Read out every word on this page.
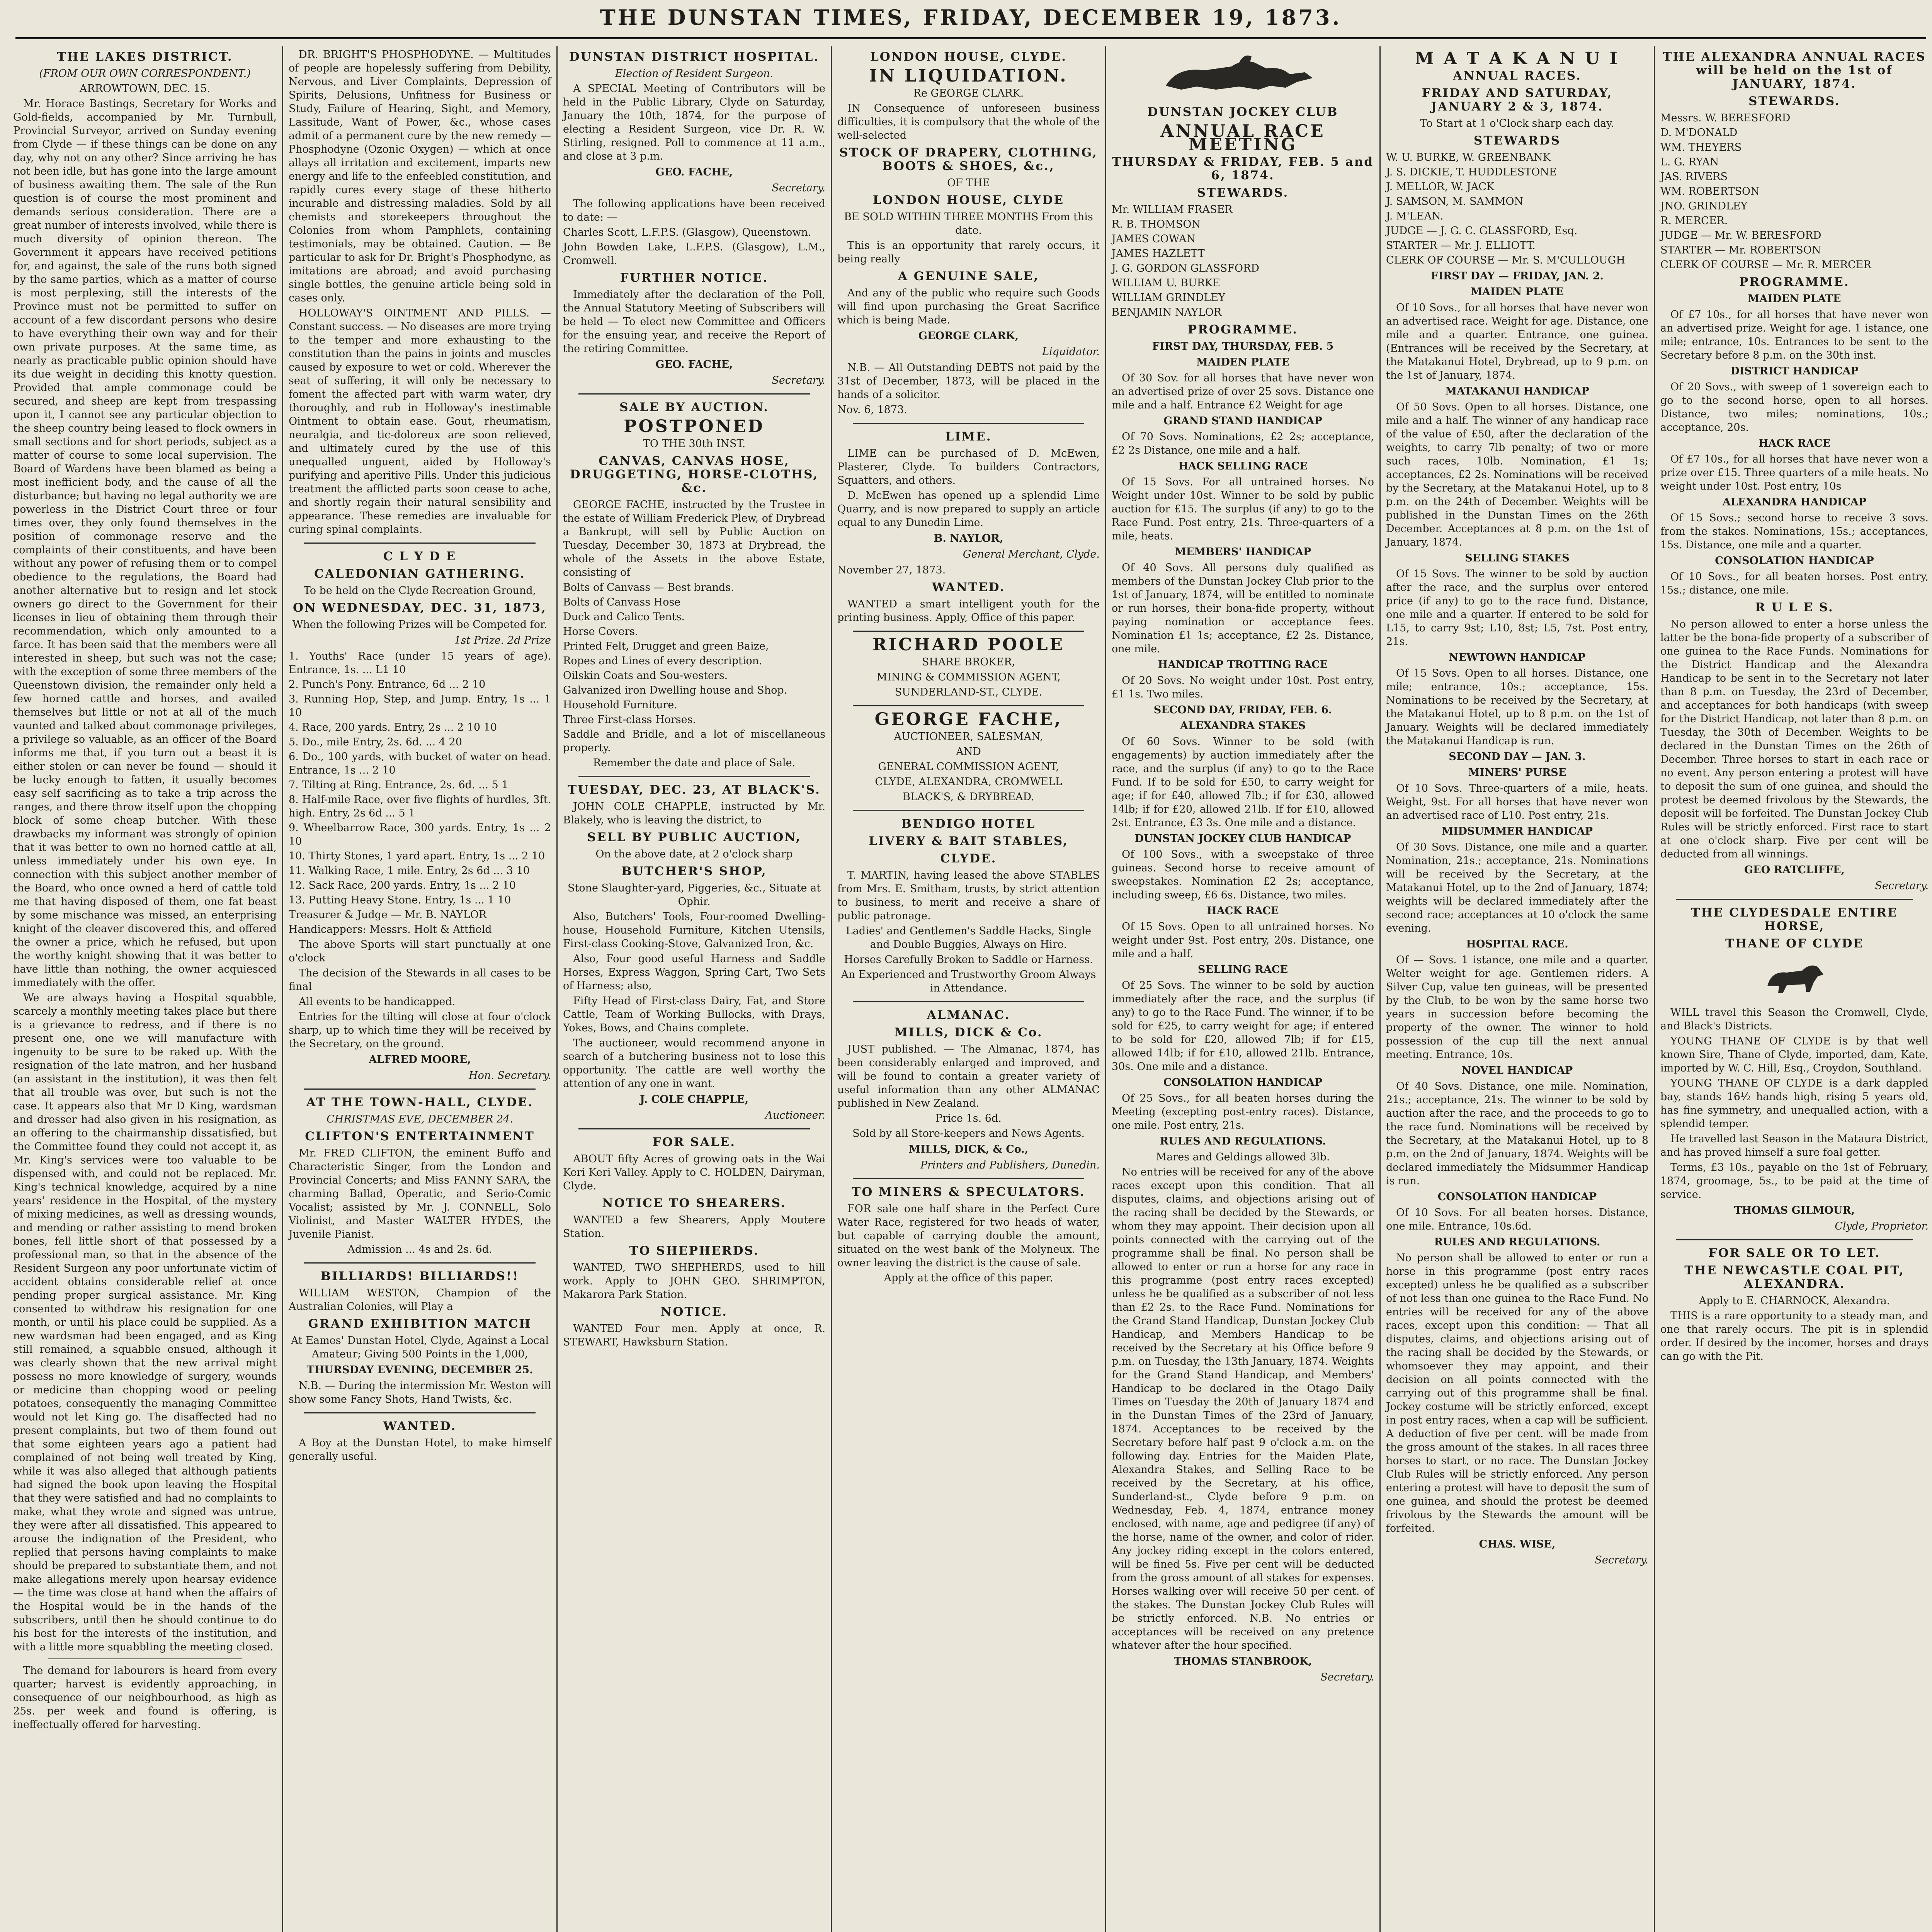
THE DUNSTAN TIMES, FRIDAY, DECEMBER 19, 1873.
THE LAKES DISTRICT.
(FROM OUR OWN CORRESPONDENT.)
ARROWTOWN, DEC. 15.

Mr. Horace Bastings, Secretary for Works and Gold-fields, accompanied by Mr. Turnbull, Provincial Surveyor, arrived on Sunday evening from Clyde — if these things can be done on any day, why not on any other? Since arriving he has not been idle, but has gone into the large amount of business awaiting them. The sale of the Run question is of course the most prominent and demands serious consideration. There are a great number of interests involved, while there is much diversity of opinion thereon. The Government it appears have received petitions for, and against, the sale of the runs both signed by the same parties, which as a matter of course is most perplexing, still the interests of the Province must not be permitted to suffer on account of a few discordant persons who desire to have everything their own way and for their own private purposes. At the same time, as nearly as practicable public opinion should have its due weight in deciding this knotty question. Provided that ample commonage could be secured, and sheep are kept from trespassing upon it, I cannot see any particular objection to the sheep country being leased to flock owners in small sections and for short periods, subject as a matter of course to some local supervision. The Board of Wardens have been blamed as being a most inefficient body, and the cause of all the disturbance; but having no legal authority we are powerless in the District Court three or four times over, they only found themselves in the position of commonage reserve and the complaints of their constituents, and have been without any power of refusing them or to compel obedience to the regulations, the Board had another alternative but to resign and let stock owners go direct to the Government for their licenses in lieu of obtaining them through their recommendation, which only amounted to a farce. It has been said that the members were all interested in sheep, but such was not the case; with the exception of some three members of the Queenstown division, the remainder only held a few horned cattle and horses, and availed themselves but little or not at all of the much vaunted and talked about commonage privileges, a privilege so valuable, as an officer of the Board informs me that, if you turn out a beast it is either stolen or can never be found — should it be lucky enough to fatten, it usually becomes easy self sacrificing as to take a trip across the ranges, and there throw itself upon the chopping block of some cheap butcher. With these drawbacks my informant was strongly of opinion that it was better to own no horned cattle at all, unless immediately under his own eye. In connection with this subject another member of the Board, who once owned a herd of cattle told me that having disposed of them, one fat beast by some mischance was missed, an enterprising knight of the cleaver discovered this, and offered the owner a price, which he refused, but upon the worthy knight showing that it was better to have little than nothing, the owner acquiesced immediately with the offer.

We are always having a Hospital squabble, scarcely a monthly meeting takes place but there is a grievance to redress, and if there is no present one, one we will manufacture with ingenuity to be sure to be raked up. With the resignation of the late matron, and her husband (an assistant in the institution), it was then felt that all trouble was over, but such is not the case. It appears also that Mr D King, wardsman and dresser had also given in his resignation, as an offering to the chairmanship dissatisfied, but the Committee found they could not accept it, as Mr. King's services were too valuable to be dispensed with, and could not be replaced. Mr. King's technical knowledge, acquired by a nine years' residence in the Hospital, of the mystery of mixing medicines, as well as dressing wounds, and mending or rather assisting to mend broken bones, fell little short of that possessed by a professional man, so that in the absence of the Resident Surgeon any poor unfortunate victim of accident obtains considerable relief at once pending proper surgical assistance. Mr. King consented to withdraw his resignation for one month, or until his place could be supplied. As a new wardsman had been engaged, and as King still remained, a squabble ensued, although it was clearly shown that the new arrival might possess no more knowledge of surgery, wounds or medicine than chopping wood or peeling potatoes, consequently the managing Committee would not let King go. The disaffected had no present complaints, but two of them found out that some eighteen years ago a patient had complained of not being well treated by King, while it was also alleged that although patients had signed the book upon leaving the Hospital that they were satisfied and had no complaints to make, what they wrote and signed was untrue, they were after all dissatisfied. This appeared to arouse the indignation of the President, who replied that persons having complaints to make should be prepared to substantiate them, and not make allegations merely upon hearsay evidence — the time was close at hand when the affairs of the Hospital would be in the hands of the subscribers, until then he should continue to do his best for the interests of the institution, and with a little more squabbling the meeting closed.

The demand for labourers is heard from every quarter; harvest is evidently approaching, in consequence of our neighbourhood, as high as 25s. per week and found is offering, is ineffectually offered for harvesting.

DR. BRIGHT'S PHOSPHODYNE. — Multitudes of people are hopelessly suffering from Debility, Nervous, and Liver Complaints, Depression of Spirits, Delusions, Unfitness for Business or Study, Failure of Hearing, Sight, and Memory, Lassitude, Want of Power, &c., whose cases admit of a permanent cure by the new remedy — Phosphodyne (Ozonic Oxygen) — which at once allays all irritation and excitement, imparts new energy and life to the enfeebled constitution, and rapidly cures every stage of these hitherto incurable and distressing maladies. Sold by all chemists and storekeepers throughout the Colonies from whom Pamphlets, containing testimonials, may be obtained. Caution. — Be particular to ask for Dr. Bright's Phosphodyne, as imitations are abroad; and avoid purchasing single bottles, the genuine article being sold in cases only.

HOLLOWAY'S OINTMENT AND PILLS. — Constant success. — No diseases are more trying to the temper and more exhausting to the constitution than the pains in joints and muscles caused by exposure to wet or cold. Wherever the seat of suffering, it will only be necessary to foment the affected part with warm water, dry thoroughly, and rub in Holloway's inestimable Ointment to obtain ease. Gout, rheumatism, neuralgia, and tic-doloreux are soon relieved, and ultimately cured by the use of this unequalled unguent, aided by Holloway's purifying and aperitive Pills. Under this judicious treatment the afflicted parts soon cease to ache, and shortly regain their natural sensibility and appearance. These remedies are invaluable for curing spinal complaints.

C L Y D E
CALEDONIAN GATHERING.
To be held on the Clyde Recreation Ground,
ON WEDNESDAY, DEC. 31, 1873,
When the following Prizes will be Competed for.
1st Prize. 2d Prize
1. Youths' Race (under 15 years of age). Entrance, 1s. ... L1 10
2. Punch's Pony. Entrance, 6d ... 2 10
3. Running Hop, Step, and Jump. Entry, 1s ... 1 10
4. Race, 200 yards. Entry, 2s ... 2 10 10
5. Do., mile Entry, 2s. 6d. ... 4 20
6. Do., 100 yards, with bucket of water on head. Entrance, 1s ... 2 10
7. Tilting at Ring. Entrance, 2s. 6d. ... 5 1
8. Half-mile Race, over five flights of hurdles, 3ft. high. Entry, 2s 6d ... 5 1
9. Wheelbarrow Race, 300 yards. Entry, 1s ... 2 10
10. Thirty Stones, 1 yard apart. Entry, 1s ... 2 10
11. Walking Race, 1 mile. Entry, 2s 6d ... 3 10
12. Sack Race, 200 yards. Entry, 1s ... 2 10
13. Putting Heavy Stone. Entry, 1s ... 1 10
Treasurer & Judge — Mr. B. NAYLOR
Handicappers: Messrs. Holt & Attfield

The above Sports will start punctually at one o'clock

The decision of the Stewards in all cases to be final

All events to be handicapped.

Entries for the tilting will close at four o'clock sharp, up to which time they will be received by the Secretary, on the ground.

ALFRED MOORE,
Hon. Secretary.
AT THE TOWN-HALL, CLYDE.
CHRISTMAS EVE, DECEMBER 24.
CLIFTON'S ENTERTAINMENT

Mr. FRED CLIFTON, the eminent Buffo and Characteristic Singer, from the London and Provincial Concerts; and Miss FANNY SARA, the charming Ballad, Operatic, and Serio-Comic Vocalist; assisted by Mr. J. CONNELL, Solo Violinist, and Master WALTER HYDES, the Juvenile Pianist.

Admission ... 4s and 2s. 6d.
BILLIARDS! BILLIARDS!!

WILLIAM WESTON, Champion of the Australian Colonies, will Play a

GRAND EXHIBITION MATCH
At Eames' Dunstan Hotel, Clyde, Against a Local Amateur; Giving 500 Points in the 1,000,
THURSDAY EVENING, DECEMBER 25.

N.B. — During the intermission Mr. Weston will show some Fancy Shots, Hand Twists, &c.

WANTED.

A Boy at the Dunstan Hotel, to make himself generally useful.

DUNSTAN DISTRICT HOSPITAL.
Election of Resident Surgeon.

A SPECIAL Meeting of Contributors will be held in the Public Library, Clyde on Saturday, January the 10th, 1874, for the purpose of electing a Resident Surgeon, vice Dr. R. W. Stirling, resigned. Poll to commence at 11 a.m., and close at 3 p.m.

GEO. FACHE,
Secretary.

The following applications have been received to date: —

Charles Scott, L.F.P.S. (Glasgow), Queenstown.
John Bowden Lake, L.F.P.S. (Glasgow), L.M., Cromwell.
FURTHER NOTICE.

Immediately after the declaration of the Poll, the Annual Statutory Meeting of Subscribers will be held — To elect new Committee and Officers for the ensuing year, and receive the Report of the retiring Committee.

GEO. FACHE,
Secretary.
SALE BY AUCTION.
POSTPONED
TO THE 30th INST.
CANVAS, CANVAS HOSE, DRUGGETING, HORSE-CLOTHS, &c.

GEORGE FACHE, instructed by the Trustee in the estate of William Frederick Plew, of Drybread a Bankrupt, will sell by Public Auction on Tuesday, December 30, 1873 at Drybread, the whole of the Assets in the above Estate, consisting of

Bolts of Canvass — Best brands.
Bolts of Canvass Hose
Duck and Calico Tents.
Horse Covers.
Printed Felt, Drugget and green Baize,
Ropes and Lines of every description.
Oilskin Coats and Sou-westers.
Galvanized iron Dwelling house and Shop.
Household Furniture.
Three First-class Horses.
Saddle and Bridle, and a lot of miscellaneous property.
Remember the date and place of Sale.
TUESDAY, DEC. 23, AT BLACK'S.

JOHN COLE CHAPPLE, instructed by Mr. Blakely, who is leaving the district, to

SELL BY PUBLIC AUCTION,
On the above date, at 2 o'clock sharp
BUTCHER'S SHOP,
Stone Slaughter-yard, Piggeries, &c., Situate at Ophir.

Also, Butchers' Tools, Four-roomed Dwelling-house, Household Furniture, Kitchen Utensils, First-class Cooking-Stove, Galvanized Iron, &c.

Also, Four good useful Harness and Saddle Horses, Express Waggon, Spring Cart, Two Sets of Harness; also,

Fifty Head of First-class Dairy, Fat, and Store Cattle, Team of Working Bullocks, with Drays, Yokes, Bows, and Chains complete.

The auctioneer, would recommend anyone in search of a butchering business not to lose this opportunity. The cattle are well worthy the attention of any one in want.

J. COLE CHAPPLE,
Auctioneer.
FOR SALE.

ABOUT fifty Acres of growing oats in the Wai Keri Keri Valley. Apply to C. HOLDEN, Dairyman, Clyde.

NOTICE TO SHEARERS.

WANTED a few Shearers, Apply Moutere Station.

TO SHEPHERDS.

WANTED, TWO SHEPHERDS, used to hill work. Apply to JOHN GEO. SHRIMPTON, Makarora Park Station.

NOTICE.

WANTED Four men. Apply at once, R. STEWART, Hawksburn Station.

LONDON HOUSE, CLYDE.
IN LIQUIDATION.
Re GEORGE CLARK.

IN Consequence of unforeseen business difficulties, it is compulsory that the whole of the well-selected

STOCK OF DRAPERY, CLOTHING, BOOTS & SHOES, &c.,
OF THE
LONDON HOUSE, CLYDE
BE SOLD WITHIN THREE MONTHS From this date.

This is an opportunity that rarely occurs, it being really

A GENUINE SALE,

And any of the public who require such Goods will find upon purchasing the Great Sacrifice which is being Made.

GEORGE CLARK,
Liquidator.

N.B. — All Outstanding DEBTS not paid by the 31st of December, 1873, will be placed in the hands of a solicitor.

Nov. 6, 1873.
LIME.

LIME can be purchased of D. McEwen, Plasterer, Clyde. To builders Contractors, Squatters, and others.

D. McEwen has opened up a splendid Lime Quarry, and is now prepared to supply an article equal to any Dunedin Lime.

B. NAYLOR,
General Merchant, Clyde.
November 27, 1873.
WANTED.

WANTED a smart intelligent youth for the printing business. Apply, Office of this paper.

RICHARD POOLE
SHARE BROKER,
MINING & COMMISSION AGENT,
SUNDERLAND-ST., CLYDE.
GEORGE FACHE,
AUCTIONEER, SALESMAN,
AND
GENERAL COMMISSION AGENT,
CLYDE, ALEXANDRA, CROMWELL
BLACK'S, & DRYBREAD.
BENDIGO HOTEL
LIVERY & BAIT STABLES,
CLYDE.

T. MARTIN, having leased the above STABLES from Mrs. E. Smitham, trusts, by strict attention to business, to merit and receive a share of public patronage.

Ladies' and Gentlemen's Saddle Hacks, Single and Double Buggies, Always on Hire.
Horses Carefully Broken to Saddle or Harness.
An Experienced and Trustworthy Groom Always in Attendance.
ALMANAC.
MILLS, DICK & Co.

JUST published. — The Almanac, 1874, has been considerably enlarged and improved, and will be found to contain a greater variety of useful information than any other ALMANAC published in New Zealand.

Price 1s. 6d.
Sold by all Store-keepers and News Agents.
MILLS, DICK, & Co.,
Printers and Publishers, Dunedin.
TO MINERS & SPECULATORS.

FOR sale one half share in the Perfect Cure Water Race, registered for two heads of water, but capable of carrying double the amount, situated on the west bank of the Molyneux. The owner leaving the district is the cause of sale.

Apply at the office of this paper.
DUNSTAN JOCKEY CLUB
ANNUAL RACE MEETING
THURSDAY & FRIDAY, FEB. 5 and 6, 1874.
STEWARDS.
Mr. WILLIAM FRASER
R. B. THOMSON
JAMES COWAN
JAMES HAZLETT
J. G. GORDON GLASSFORD
WILLIAM U. BURKE
WILLIAM GRINDLEY
BENJAMIN NAYLOR
PROGRAMME.
FIRST DAY, THURSDAY, FEB. 5
MAIDEN PLATE

Of 30 Sov. for all horses that have never won an advertised prize of over 25 sovs. Distance one mile and a half. Entrance £2 Weight for age

GRAND STAND HANDICAP

Of 70 Sovs. Nominations, £2 2s; acceptance, £2 2s Distance, one mile and a half.

HACK SELLING RACE

Of 15 Sovs. For all untrained horses. No Weight under 10st. Winner to be sold by public auction for £15. The surplus (if any) to go to the Race Fund. Post entry, 21s. Three-quarters of a mile, heats.

MEMBERS' HANDICAP

Of 40 Sovs. All persons duly qualified as members of the Dunstan Jockey Club prior to the 1st of January, 1874, will be entitled to nominate or run horses, their bona-fide property, without paying nomination or acceptance fees. Nomination £1 1s; acceptance, £2 2s. Distance, one mile.

HANDICAP TROTTING RACE

Of 20 Sovs. No weight under 10st. Post entry, £1 1s. Two miles.

SECOND DAY, FRIDAY, FEB. 6.
ALEXANDRA STAKES

Of 60 Sovs. Winner to be sold (with engagements) by auction immediately after the race, and the surplus (if any) to go to the Race Fund. If to be sold for £50, to carry weight for age; if for £40, allowed 7lb.; if for £30, allowed 14lb; if for £20, allowed 21lb. If for £10, allowed 2st. Entrance, £3 3s. One mile and a distance.

DUNSTAN JOCKEY CLUB HANDICAP

Of 100 Sovs., with a sweepstake of three guineas. Second horse to receive amount of sweepstakes. Nomination £2 2s; acceptance, including sweep, £6 6s. Distance, two miles.

HACK RACE

Of 15 Sovs. Open to all untrained horses. No weight under 9st. Post entry, 20s. Distance, one mile and a half.

SELLING RACE

Of 25 Sovs. The winner to be sold by auction immediately after the race, and the surplus (if any) to go to the Race Fund. The winner, if to be sold for £25, to carry weight for age; if entered to be sold for £20, allowed 7lb; if for £15, allowed 14lb; if for £10, allowed 21lb. Entrance, 30s. One mile and a distance.

CONSOLATION HANDICAP

Of 25 Sovs., for all beaten horses during the Meeting (excepting post-entry races). Distance, one mile. Post entry, 21s.

RULES AND REGULATIONS.
Mares and Geldings allowed 3lb.

No entries will be received for any of the above races except upon this condition. That all disputes, claims, and objections arising out of the racing shall be decided by the Stewards, or whom they may appoint. Their decision upon all points connected with the carrying out of the programme shall be final. No person shall be allowed to enter or run a horse for any race in this programme (post entry races excepted) unless he be qualified as a subscriber of not less than £2 2s. to the Race Fund. Nominations for the Grand Stand Handicap, Dunstan Jockey Club Handicap, and Members Handicap to be received by the Secretary at his Office before 9 p.m. on Tuesday, the 13th January, 1874. Weights for the Grand Stand Handicap, and Members' Handicap to be declared in the Otago Daily Times on Tuesday the 20th of January 1874 and in the Dunstan Times of the 23rd of January, 1874. Acceptances to be received by the Secretary before half past 9 o'clock a.m. on the following day. Entries for the Maiden Plate, Alexandra Stakes, and Selling Race to be received by the Secretary, at his office, Sunderland-st., Clyde before 9 p.m. on Wednesday, Feb. 4, 1874, entrance money enclosed, with name, age and pedigree (if any) of the horse, name of the owner, and color of rider. Any jockey riding except in the colors entered, will be fined 5s. Five per cent will be deducted from the gross amount of all stakes for expenses. Horses walking over will receive 50 per cent. of the stakes. The Dunstan Jockey Club Rules will be strictly enforced. N.B. No entries or acceptances will be received on any pretence whatever after the hour specified.

THOMAS STANBROOK,
Secretary.
M A T A K A N U I
ANNUAL RACES.
FRIDAY AND SATURDAY, JANUARY 2 & 3, 1874.
To Start at 1 o'Clock sharp each day.
STEWARDS
W. U. BURKE, W. GREENBANK
J. S. DICKIE, T. HUDDLESTONE
J. MELLOR, W. JACK
J. SAMSON, M. SAMMON
J. M'LEAN.
JUDGE — J. G. C. GLASSFORD, Esq.
STARTER — Mr. J. ELLIOTT.
CLERK OF COURSE — Mr. S. M'CULLOUGH
FIRST DAY — FRIDAY, JAN. 2.
MAIDEN PLATE

Of 10 Sovs., for all horses that have never won an advertised race. Weight for age. Distance, one mile and a quarter. Entrance, one guinea. (Entrances will be received by the Secretary, at the Matakanui Hotel, Drybread, up to 9 p.m. on the 1st of January, 1874.

MATAKANUI HANDICAP

Of 50 Sovs. Open to all horses. Distance, one mile and a half. The winner of any handicap race of the value of £50, after the declaration of the weights, to carry 7lb penalty; of two or more such races, 10lb. Nomination, £1 1s; acceptances, £2 2s. Nominations will be received by the Secretary, at the Matakanui Hotel, up to 8 p.m. on the 24th of December. Weights will be published in the Dunstan Times on the 26th December. Acceptances at 8 p.m. on the 1st of January, 1874.

SELLING STAKES

Of 15 Sovs. The winner to be sold by auction after the race, and the surplus over entered price (if any) to go to the race fund. Distance, one mile and a quarter. If entered to be sold for L15, to carry 9st; L10, 8st; L5, 7st. Post entry, 21s.

NEWTOWN HANDICAP

Of 15 Sovs. Open to all horses. Distance, one mile; entrance, 10s.; acceptance, 15s. Nominations to be received by the Secretary, at the Matakanui Hotel, up to 8 p.m. on the 1st of January. Weights will be declared immediately the Matakanui Handicap is run.

SECOND DAY — JAN. 3.
MINERS' PURSE

Of 10 Sovs. Three-quarters of a mile, heats. Weight, 9st. For all horses that have never won an advertised race of L10. Post entry, 21s.

MIDSUMMER HANDICAP

Of 30 Sovs. Distance, one mile and a quarter. Nomination, 21s.; acceptance, 21s. Nominations will be received by the Secretary, at the Matakanui Hotel, up to the 2nd of January, 1874; weights will be declared immediately after the second race; acceptances at 10 o'clock the same evening.

HOSPITAL RACE.

Of — Sovs. 1 istance, one mile and a quarter. Welter weight for age. Gentlemen riders. A Silver Cup, value ten guineas, will be presented by the Club, to be won by the same horse two years in succession before becoming the property of the owner. The winner to hold possession of the cup till the next annual meeting. Entrance, 10s.

NOVEL HANDICAP

Of 40 Sovs. Distance, one mile. Nomination, 21s.; acceptance, 21s. The winner to be sold by auction after the race, and the proceeds to go to the race fund. Nominations will be received by the Secretary, at the Matakanui Hotel, up to 8 p.m. on the 2nd of January, 1874. Weights will be declared immediately the Midsummer Handicap is run.

CONSOLATION HANDICAP

Of 10 Sovs. For all beaten horses. Distance, one mile. Entrance, 10s.6d.

RULES AND REGULATIONS.

No person shall be allowed to enter or run a horse in this programme (post entry races excepted) unless he be qualified as a subscriber of not less than one guinea to the Race Fund. No entries will be received for any of the above races, except upon this condition: — That all disputes, claims, and objections arising out of the racing shall be decided by the Stewards, or whomsoever they may appoint, and their decision on all points connected with the carrying out of this programme shall be final. Jockey costume will be strictly enforced, except in post entry races, when a cap will be sufficient. A deduction of five per cent. will be made from the gross amount of the stakes. In all races three horses to start, or no race. The Dunstan Jockey Club Rules will be strictly enforced. Any person entering a protest will have to deposit the sum of one guinea, and should the protest be deemed frivolous by the Stewards the amount will be forfeited.

CHAS. WISE,
Secretary.
THE ALEXANDRA ANNUAL RACES will be held on the 1st of JANUARY, 1874.
STEWARDS.
Messrs. W. BERESFORD
D. M'DONALD
WM. THEYERS
L. G. RYAN
JAS. RIVERS
WM. ROBERTSON
JNO. GRINDLEY
R. MERCER.
JUDGE — Mr. W. BERESFORD
STARTER — Mr. ROBERTSON
CLERK OF COURSE — Mr. R. MERCER
PROGRAMME.
MAIDEN PLATE

Of £7 10s., for all horses that have never won an advertised prize. Weight for age. 1 istance, one mile; entrance, 10s. Entrances to be sent to the Secretary before 8 p.m. on the 30th inst.

DISTRICT HANDICAP

Of 20 Sovs., with sweep of 1 sovereign each to go to the second horse, open to all horses. Distance, two miles; nominations, 10s.; acceptance, 20s.

HACK RACE

Of £7 10s., for all horses that have never won a prize over £15. Three quarters of a mile heats. No weight under 10st. Post entry, 10s

ALEXANDRA HANDICAP

Of 15 Sovs.; second horse to receive 3 sovs. from the stakes. Nominations, 15s.; acceptances, 15s. Distance, one mile and a quarter.

CONSOLATION HANDICAP

Of 10 Sovs., for all beaten horses. Post entry, 15s.; distance, one mile.

R U L E S.

No person allowed to enter a horse unless the latter be the bona-fide property of a subscriber of one guinea to the Race Funds. Nominations for the District Handicap and the Alexandra Handicap to be sent in to the Secretary not later than 8 p.m. on Tuesday, the 23rd of December, and acceptances for both handicaps (with sweep for the District Handicap, not later than 8 p.m. on Tuesday, the 30th of December. Weights to be declared in the Dunstan Times on the 26th of December. Three horses to start in each race or no event. Any person entering a protest will have to deposit the sum of one guinea, and should the protest be deemed frivolous by the Stewards, the deposit will be forfeited. The Dunstan Jockey Club Rules will be strictly enforced. First race to start at one o'clock sharp. Five per cent will be deducted from all winnings.

GEO RATCLIFFE,
Secretary.
THE CLYDESDALE ENTIRE HORSE,
THANE OF CLYDE

WILL travel this Season the Cromwell, Clyde, and Black's Districts.

YOUNG THANE OF CLYDE is by that well known Sire, Thane of Clyde, imported, dam, Kate, imported by W. C. Hill, Esq., Croydon, Southland.

YOUNG THANE OF CLYDE is a dark dappled bay, stands 16½ hands high, rising 5 years old, has fine symmetry, and unequalled action, with a splendid temper.

He travelled last Season in the Mataura District, and has proved himself a sure foal getter.

Terms, £3 10s., payable on the 1st of February, 1874, groomage, 5s., to be paid at the time of service.

THOMAS GILMOUR,
Clyde, Proprietor.
FOR SALE OR TO LET.
THE NEWCASTLE COAL PIT, ALEXANDRA.
Apply to E. CHARNOCK, Alexandra.

THIS is a rare opportunity to a steady man, and one that rarely occurs. The pit is in splendid order. If desired by the incomer, horses and drays can go with the Pit.
